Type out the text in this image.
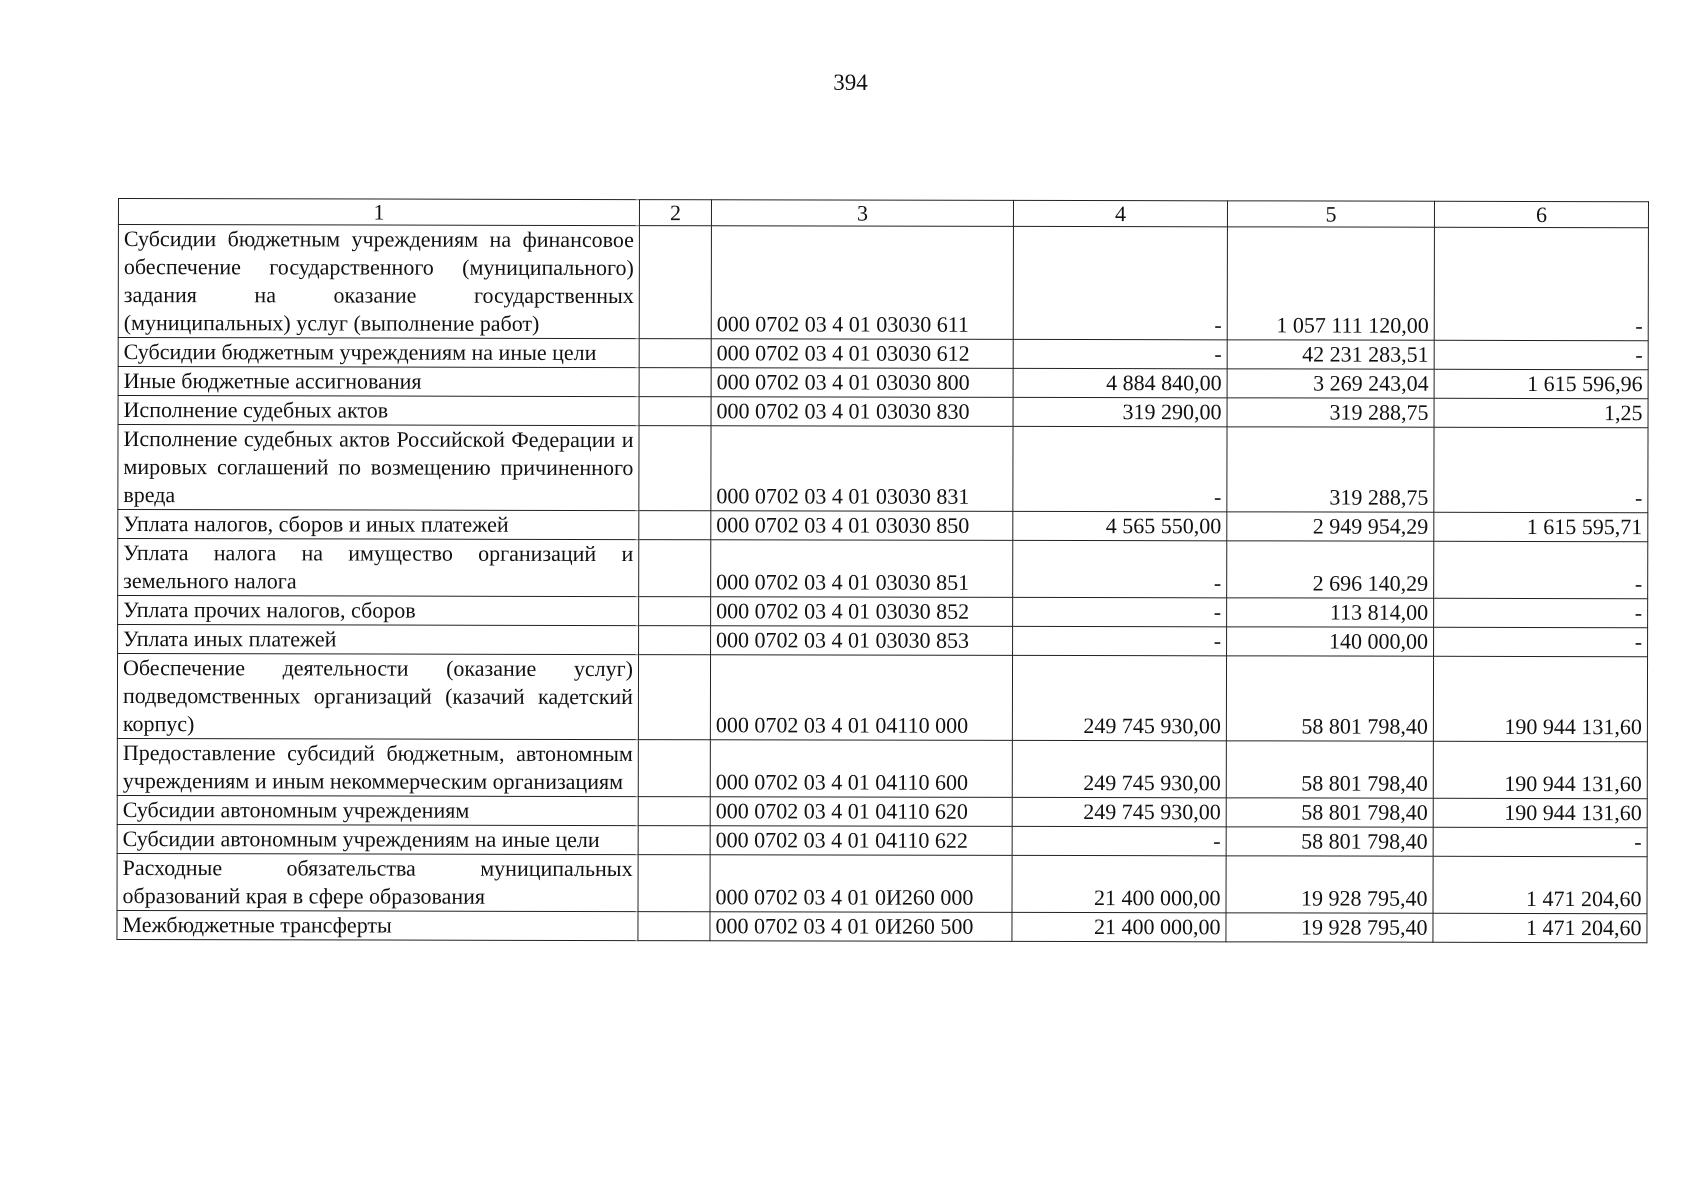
394
1	2	3	4	5	6
Субсидии бюджетным учреждениям на финансовое обеспечение государственного (муниципального) задания на оказание государственных (муниципальных) услуг (выполнение работ)		000 0702 03 4 01 03030 611	-	1 057 111 120,00	-
Субсидии бюджетным учреждениям на иные цели		000 0702 03 4 01 03030 612	-	42 231 283,51	-
Иные бюджетные ассигнования		000 0702 03 4 01 03030 800	4 884 840,00	3 269 243,04	1 615 596,96
Исполнение судебных актов		000 0702 03 4 01 03030 830	319 290,00	319 288,75	1,25
Исполнение судебных актов Российской Федерации и мировых соглашений по возмещению причиненного вреда		000 0702 03 4 01 03030 831	-	319 288,75	-
Уплата налогов, сборов и иных платежей		000 0702 03 4 01 03030 850	4 565 550,00	2 949 954,29	1 615 595,71
Уплата налога на имущество организаций и земельного налога		000 0702 03 4 01 03030 851	-	2 696 140,29	-
Уплата прочих налогов, сборов		000 0702 03 4 01 03030 852	-	113 814,00	-
Уплата иных платежей		000 0702 03 4 01 03030 853	-	140 000,00	-
Обеспечение деятельности (оказание услуг) подведомственных организаций (казачий кадетский корпус)		000 0702 03 4 01 04110 000	249 745 930,00	58 801 798,40	190 944 131,60
Предоставление субсидий бюджетным, автономным учреждениям и иным некоммерческим организациям		000 0702 03 4 01 04110 600	249 745 930,00	58 801 798,40	190 944 131,60
Субсидии автономным учреждениям		000 0702 03 4 01 04110 620	249 745 930,00	58 801 798,40	190 944 131,60
Субсидии автономным учреждениям на иные цели		000 0702 03 4 01 04110 622	-	58 801 798,40	-
Расходные обязательства муниципальных образований края в сфере образования		000 0702 03 4 01 0И260 000	21 400 000,00	19 928 795,40	1 471 204,60
Межбюджетные трансферты		000 0702 03 4 01 0И260 500	21 400 000,00	19 928 795,40	1 471 204,60
